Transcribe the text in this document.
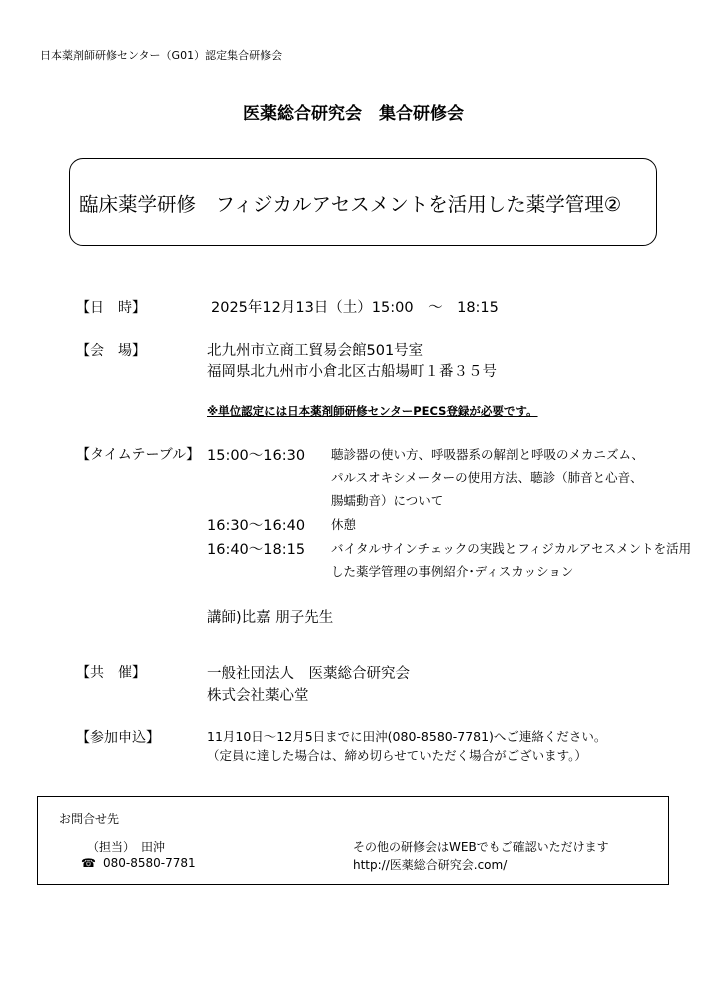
日本薬剤師研修センター（G01）認定集合研修会
医薬総合研究会　集合研修会
臨床薬学研修　フィジカルアセスメントを活用した薬学管理②
【日　時】	2025年12月13日（土）15:00　～　18:15
【会　場】	北九州市立商工貿易会館501号室
福岡県北九州市小倉北区古船場町１番３５号
※単位認定には日本薬剤師研修センターPECS登録が必要です。
【タイムテーブル】 15:00～16:30 聴診器の使い方、呼吸器系の解剖と呼吸のメカニズム、
パルスオキシメーターの使用方法、聴診（肺音と心音、
腸蠕動音）について
16:30～16:40 休憩
16:40～18:15 バイタルサインチェックの実践とフィジカルアセスメントを活用
した薬学管理の事例紹介･ディスカッション
講師)比嘉 朋子先生
【共　催】	一般社団法人　医薬総合研究会
株式会社薬心堂
【参加申込】	11月10日～12月5日までに田沖(080-8580-7781)へご連絡ください。
（定員に達した場合は、締め切らせていただく場合がございます。）
お問合せ先
（担当）　田沖
☎ 080-8580-7781
その他の研修会はWEBでもご確認いただけます
http://医薬総合研究会.com/
